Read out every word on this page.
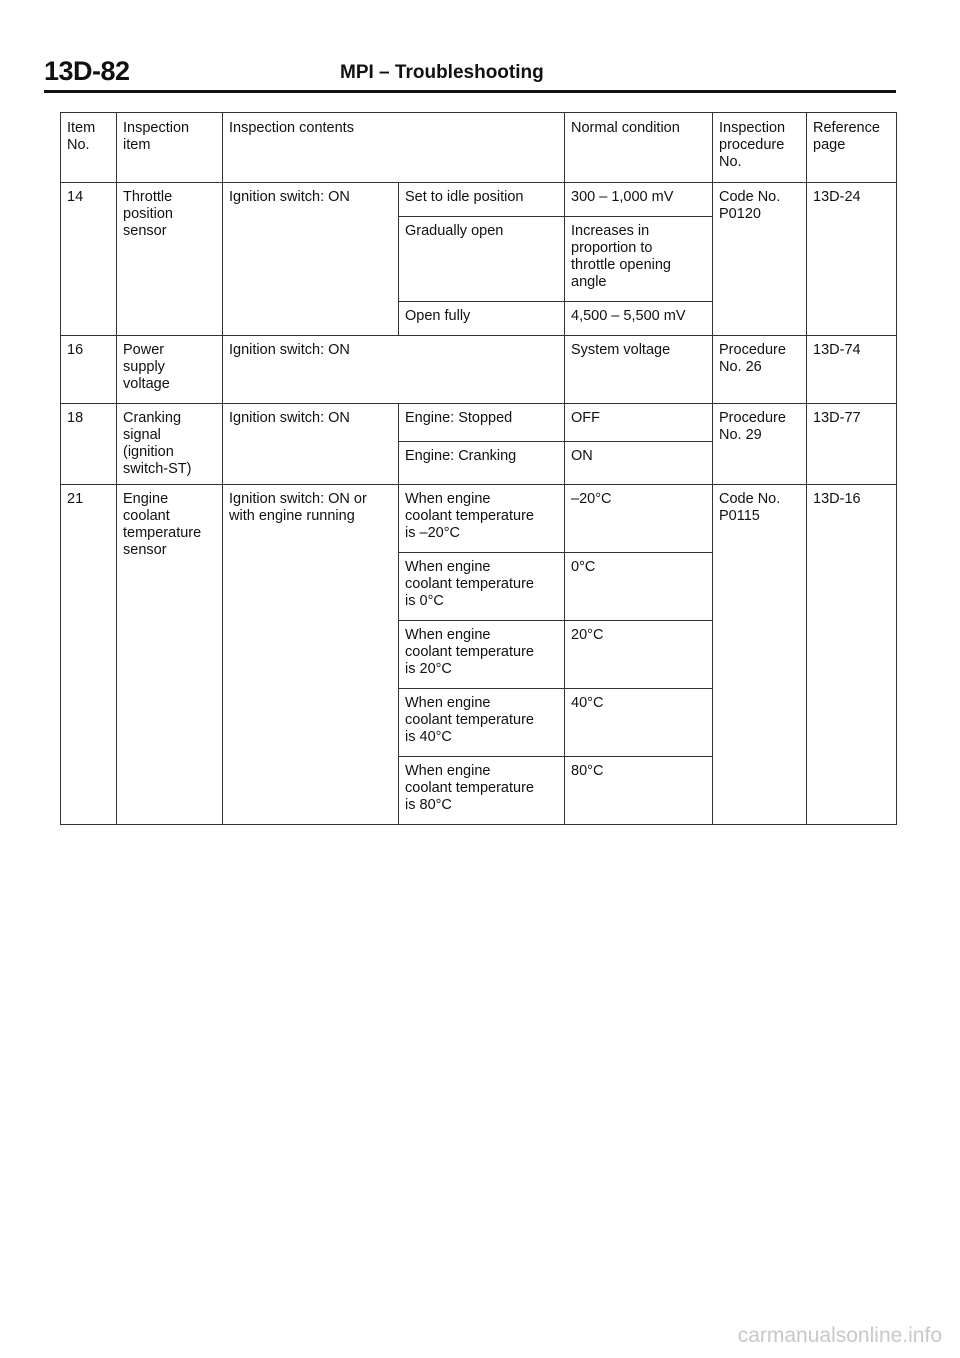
13D-82	MPI – Troubleshooting
Item
No.	Inspection
item	Inspection contents		Normal condition	Inspection
procedure
No.	Reference
page
14	Throttle
position
sensor	Ignition switch: ON	Set to idle position	300 – 1,000 mV	Code No.
P0120	13D-24
			Gradually open	Increases in
proportion to
throttle opening
angle		
			Open fully	4,500 – 5,500 mV		
16	Power
supply
voltage	Ignition switch: ON		System voltage	Procedure
No. 26	13D-74
18	Cranking
signal
(ignition
switch-ST)	Ignition switch: ON	Engine: Stopped	OFF	Procedure
No. 29	13D-77
			Engine: Cranking	ON		
21	Engine
coolant
temperature
sensor	Ignition switch: ON or
with engine running	When engine
coolant temperature
is –20°C	–20°C	Code No.
P0115	13D-16
			When engine
coolant temperature
is 0°C	0°C		
			When engine
coolant temperature
is 20°C	20°C		
			When engine
coolant temperature
is 40°C	40°C		
			When engine
coolant temperature
is 80°C	80°C		
carmanualsonline.info
